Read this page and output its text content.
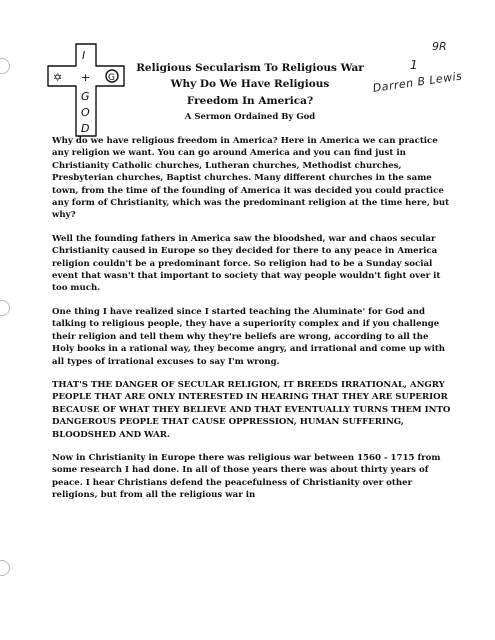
I
+
G
O
D
✡	G
9R
1
Darren B Lewis
Religious Secularism To Religious War
Why Do We Have Religious
Freedom In America?
A Sermon Ordained By God

Why do we have religious freedom in America? Here in America we can practice any religion we want. You can go around America and you can find just in Christianity Catholic churches, Lutheran churches, Methodist churches, Presbyterian churches, Baptist churches. Many different churches in the same town, from the time of the founding of America it was decided you could practice any form of Christianity, which was the predominant religion at the time here, but why?

Well the founding fathers in America saw the bloodshed, war and chaos secular Christianity caused in Europe so they decided for there to any peace in America religion couldn't be a predominant force. So religion had to be a Sunday social event that wasn't that important to society that way people wouldn't fight over it too much.

One thing I have realized since I started teaching the Aluminate' for God and talking to religious people, they have a superiority complex and if you challenge their religion and tell them why they're beliefs are wrong, according to all the Holy books in a rational way, they become angry, and irrational and come up with all types of irrational excuses to say I'm wrong.

THAT'S THE DANGER OF SECULAR RELIGION, IT BREEDS IRRATIONAL, ANGRY PEOPLE THAT ARE ONLY INTERESTED IN HEARING THAT THEY ARE SUPERIOR BECAUSE OF WHAT THEY BELIEVE AND THAT EVENTUALLY TURNS THEM INTO DANGEROUS PEOPLE THAT CAUSE OPPRESSION, HUMAN SUFFERING, BLOODSHED AND WAR.

Now in Christianity in Europe there was religious war between 1560 - 1715 from some research I had done. In all of those years there was about thirty years of peace. I hear Christians defend the peacefulness of Christianity over other religions, but from all the religious war in
